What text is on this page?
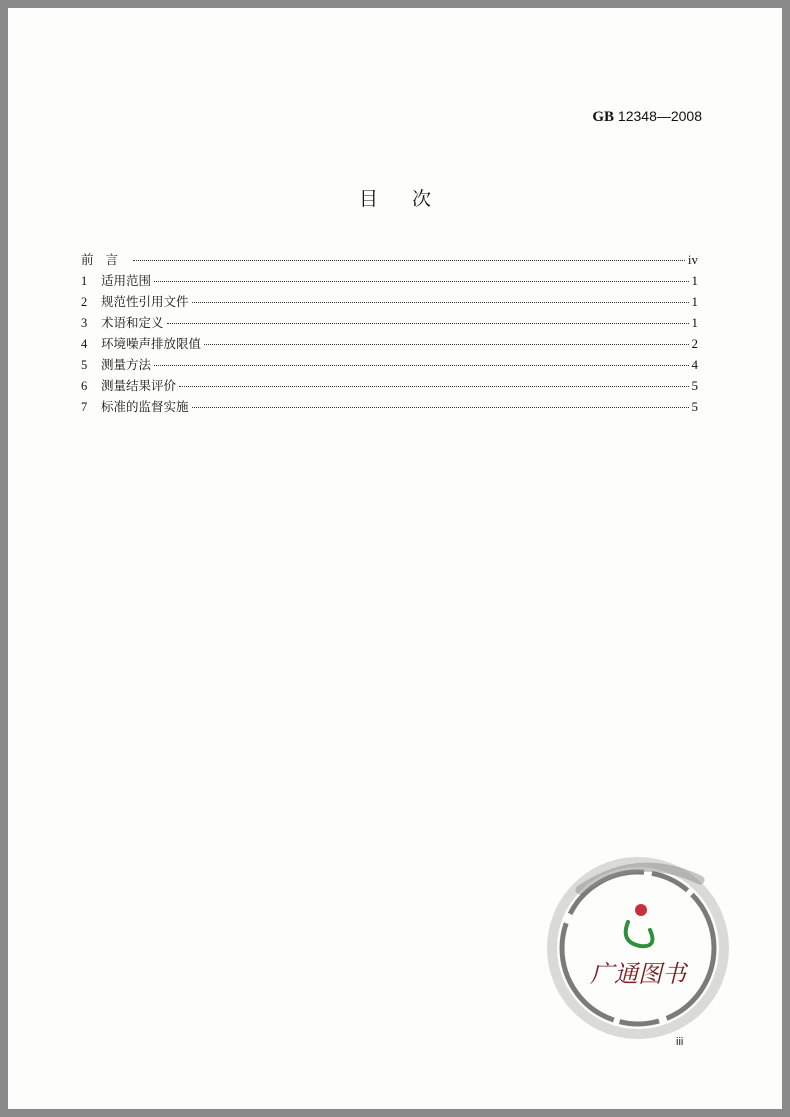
GB 12348—2008
目次
前言	iv
1	适用范围	1
2	规范性引用文件	1
3	术语和定义	1
4	环境噪声排放限值	2
5	测量方法	4
6	测量结果评价	5
7	标准的监督实施	5
广通图书
iii
